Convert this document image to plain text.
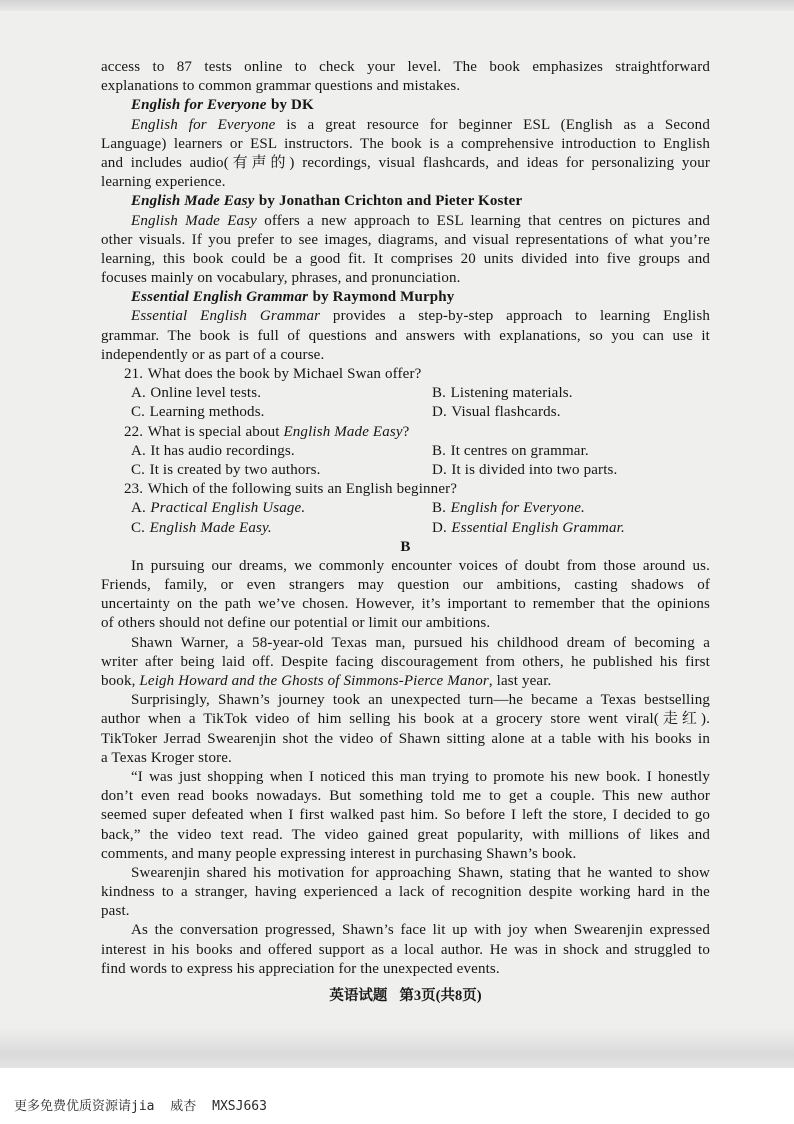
access to 87 tests online to check your level. The book emphasizes straightforward
explanations to common grammar questions and mistakes.
English for Everyone by DK
English for Everyone is a great resource for beginner ESL (English as a Second
Language) learners or ESL instructors. The book is a comprehensive introduction to English
and includes audio(有声的) recordings, visual flashcards, and ideas for personalizing your
learning experience.
English Made Easy by Jonathan Crichton and Pieter Koster
English Made Easy offers a new approach to ESL learning that centres on pictures and
other visuals. If you prefer to see images, diagrams, and visual representations of what you’re
learning, this book could be a good fit. It comprises 20 units divided into five groups and
focuses mainly on vocabulary, phrases, and pronunciation.
Essential English Grammar by Raymond Murphy
Essential English Grammar provides a step-by-step approach to learning English
grammar. The book is full of questions and answers with explanations, so you can use it
independently or as part of a course.
21. What does the book by Michael Swan offer?
A. Online level tests.	B. Listening materials.
C. Learning methods.	D. Visual flashcards.
22. What is special about English Made Easy?
A. It has audio recordings.	B. It centres on grammar.
C. It is created by two authors.	D. It is divided into two parts.
23. Which of the following suits an English beginner?
A. Practical English Usage.	B. English for Everyone.
C. English Made Easy.	D. Essential English Grammar.
B
In pursuing our dreams, we commonly encounter voices of doubt from those around us.
Friends, family, or even strangers may question our ambitions, casting shadows of
uncertainty on the path we’ve chosen. However, it’s important to remember that the opinions
of others should not define our potential or limit our ambitions.
Shawn Warner, a 58-year-old Texas man, pursued his childhood dream of becoming a
writer after being laid off. Despite facing discouragement from others, he published his first
book, Leigh Howard and the Ghosts of Simmons-Pierce Manor, last year.
Surprisingly, Shawn’s journey took an unexpected turn—he became a Texas bestselling
author when a TikTok video of him selling his book at a grocery store went viral(走红).
TikToker Jerrad Swearenjin shot the video of Shawn sitting alone at a table with his books in
a Texas Kroger store.
“I was just shopping when I noticed this man trying to promote his new book. I honestly
don’t even read books nowadays. But something told me to get a couple. This new author
seemed super defeated when I first walked past him. So before I left the store, I decided to go
back,” the video text read. The video gained great popularity, with millions of likes and
comments, and many people expressing interest in purchasing Shawn’s book.
Swearenjin shared his motivation for approaching Shawn, stating that he wanted to show
kindness to a stranger, having experienced a lack of recognition despite working hard in the
past.
As the conversation progressed, Shawn’s face lit up with joy when Swearenjin expressed
interest in his books and offered support as a local author. He was in shock and struggled to
find words to express his appreciation for the unexpected events.
英语试题 第3页(共8页)
更多免费优质资源请jia 威杏 MXSJ663
